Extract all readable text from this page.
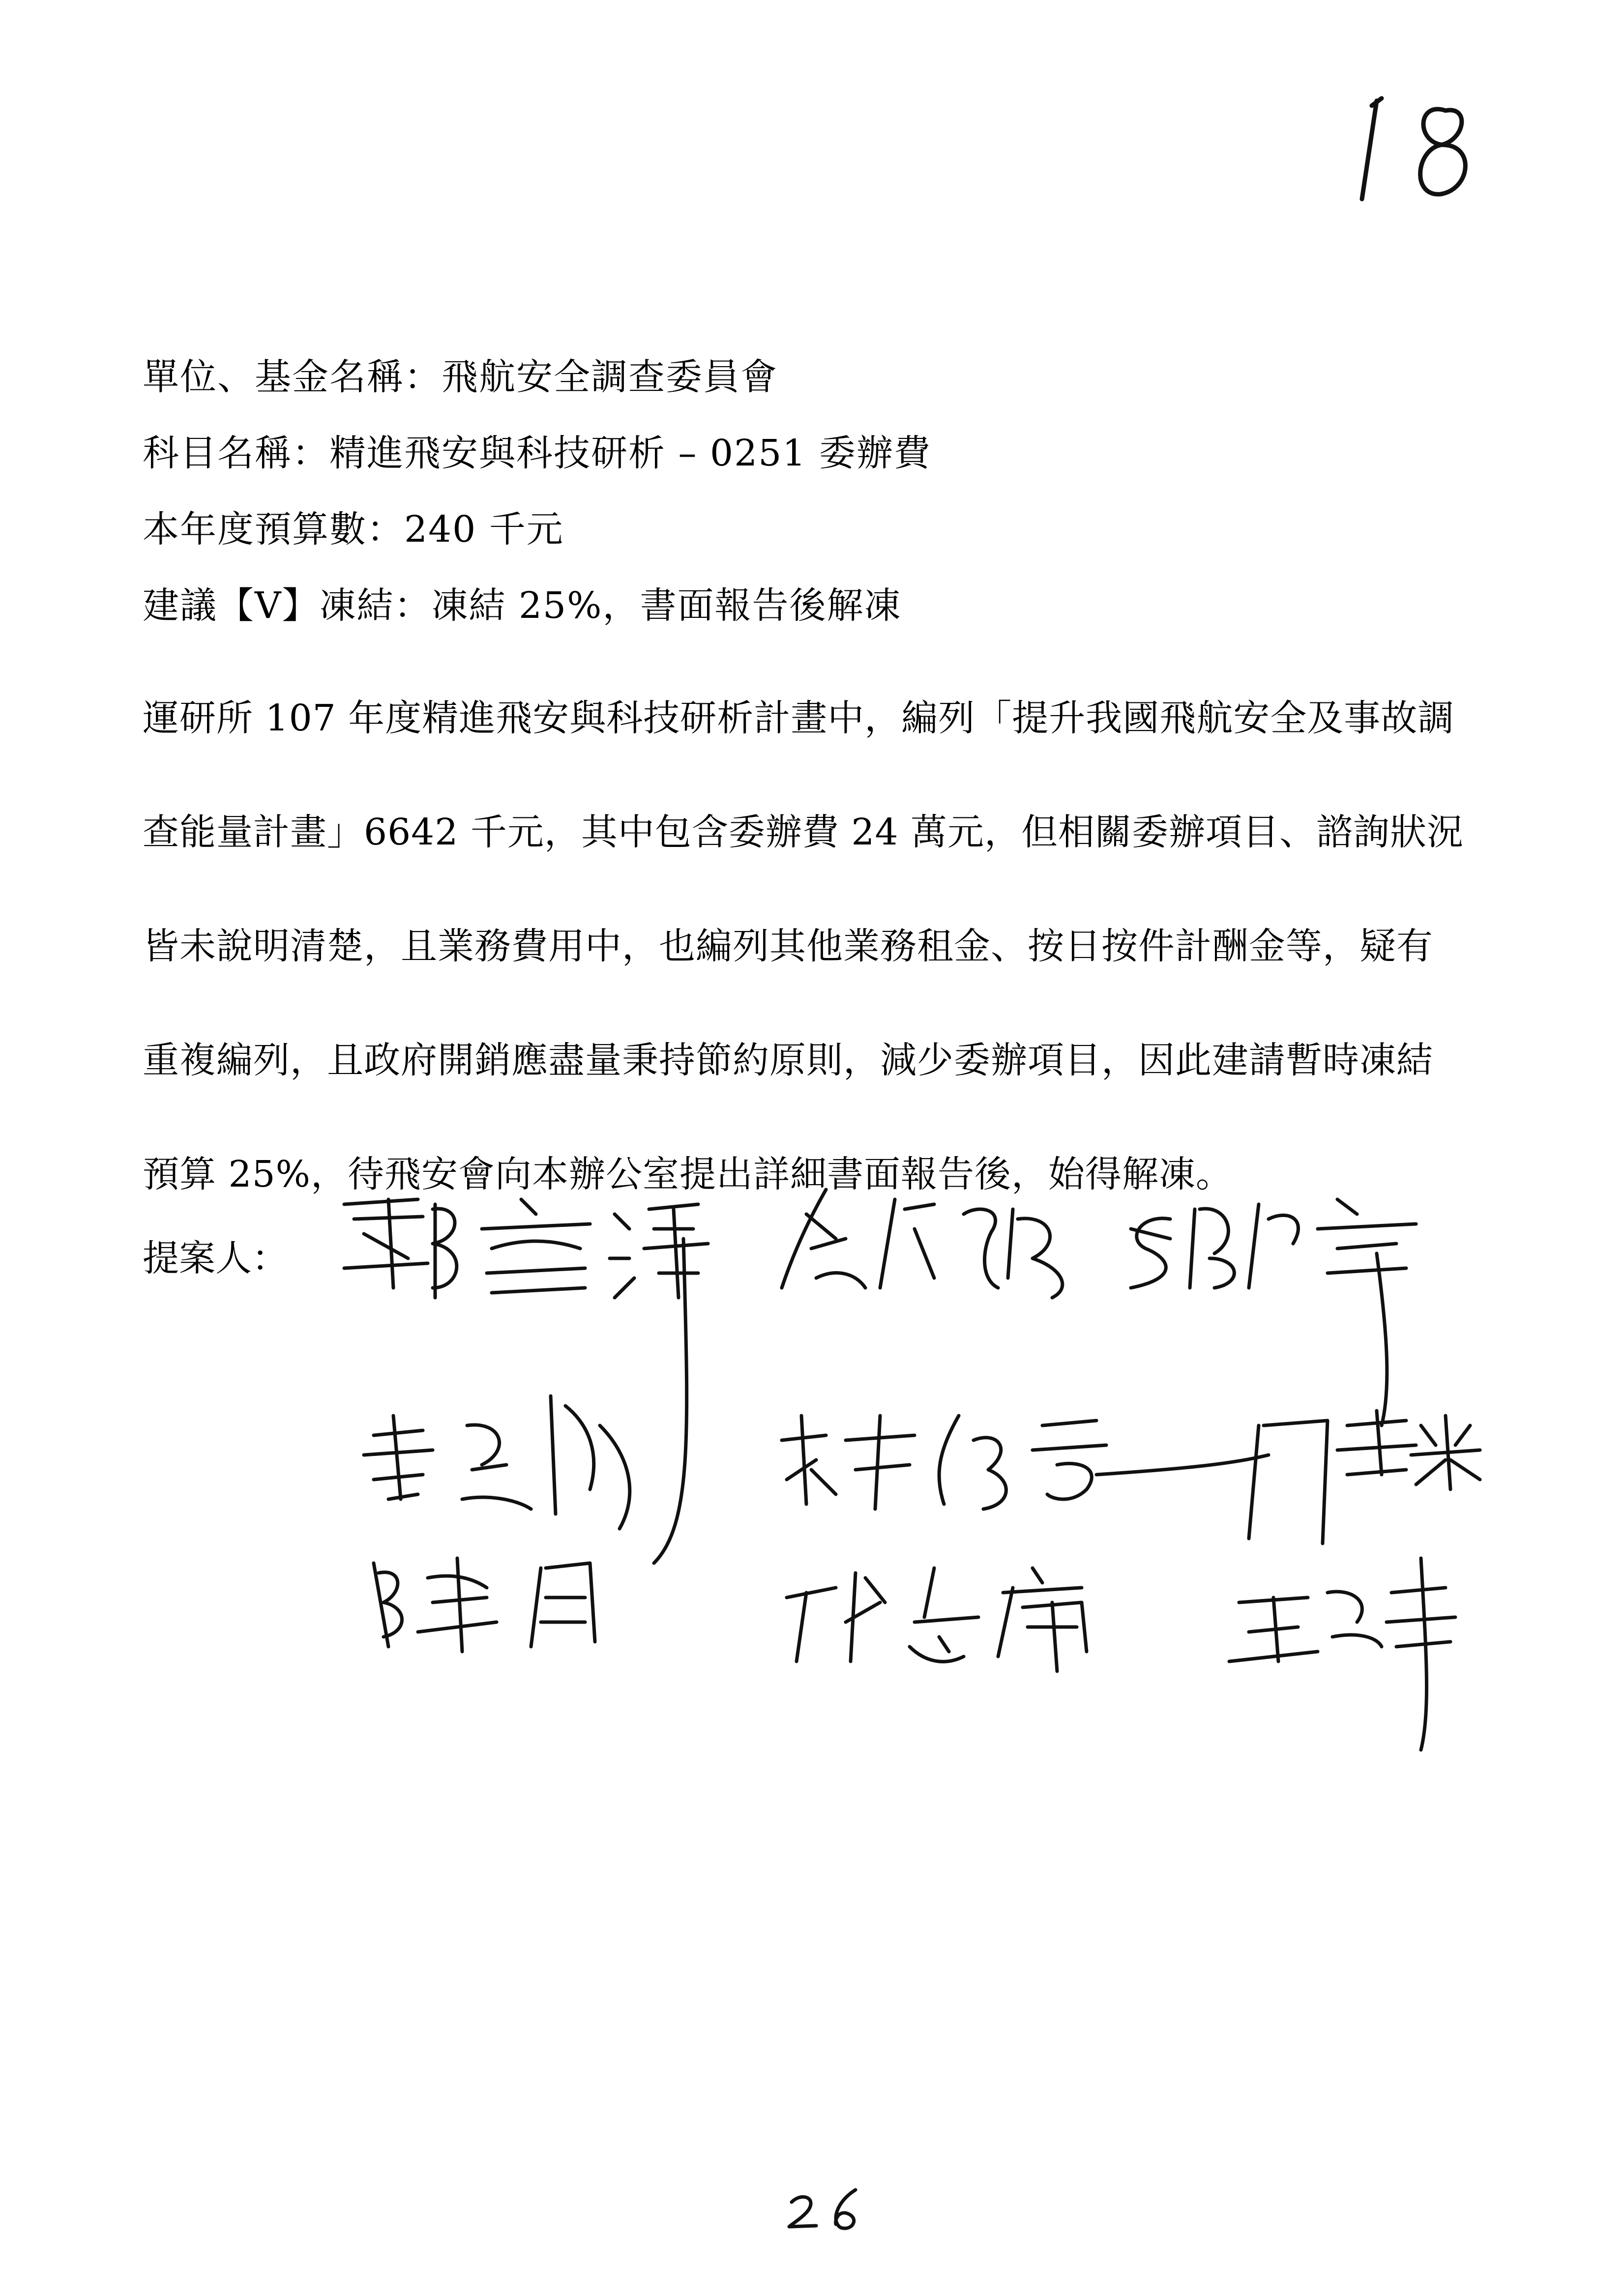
單位、基金名稱：飛航安全調查委員會
科目名稱：精進飛安與科技研析 – 0251 委辦費
本年度預算數：240 千元
建議【V】凍結：凍結 25%，書面報告後解凍
運研所 107 年度精進飛安與科技研析計畫中，編列「提升我國飛航安全及事故調
查能量計畫」6642 千元，其中包含委辦費 24 萬元，但相關委辦項目、諮詢狀況
皆未說明清楚，且業務費用中，也編列其他業務租金、按日按件計酬金等，疑有
重複編列，且政府開銷應盡量秉持節約原則，減少委辦項目，因此建請暫時凍結
預算 25%，待飛安會向本辦公室提出詳細書面報告後，始得解凍。
提案人：
